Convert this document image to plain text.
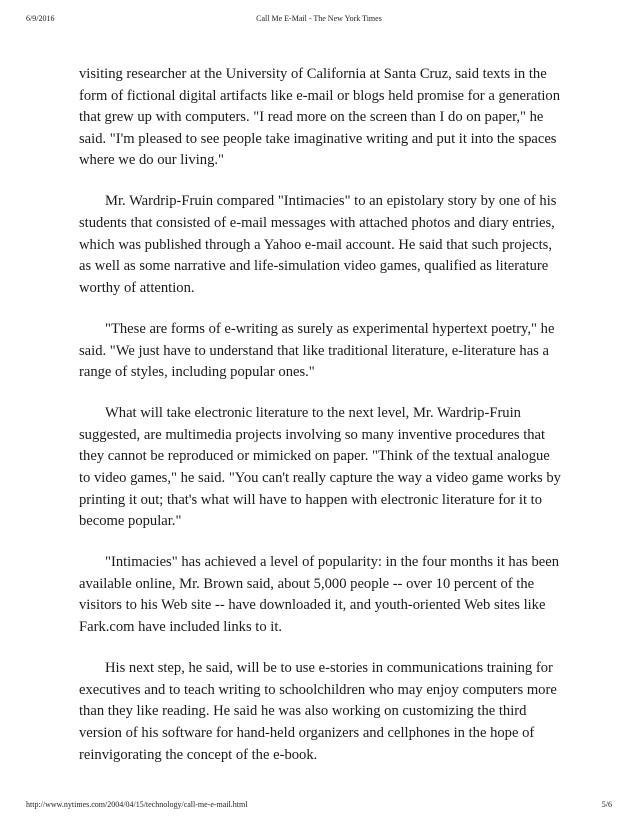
6/9/2016	Call Me E-Mail - The New York Times

visiting researcher at the University of California at Santa Cruz, said texts in the form of fictional digital artifacts like e-mail or blogs held promise for a generation that grew up with computers. "I read more on the screen than I do on paper," he said. "I'm pleased to see people take imaginative writing and put it into the spaces where we do our living."

Mr. Wardrip-Fruin compared "Intimacies" to an epistolary story by one of his students that consisted of e-mail messages with attached photos and diary entries, which was published through a Yahoo e-mail account. He said that such projects, as well as some narrative and life-simulation video games, qualified as literature worthy of attention.

"These are forms of e-writing as surely as experimental hypertext poetry," he said. "We just have to understand that like traditional literature, e-literature has a range of styles, including popular ones."

What will take electronic literature to the next level, Mr. Wardrip-Fruin suggested, are multimedia projects involving so many inventive procedures that they cannot be reproduced or mimicked on paper. "Think of the textual analogue to video games," he said. "You can't really capture the way a video game works by printing it out; that's what will have to happen with electronic literature for it to become popular."

"Intimacies" has achieved a level of popularity: in the four months it has been available online, Mr. Brown said, about 5,000 people -- over 10 percent of the visitors to his Web site -- have downloaded it, and youth-oriented Web sites like Fark.com have included links to it.

His next step, he said, will be to use e-stories in communications training for executives and to teach writing to schoolchildren who may enjoy computers more than they like reading. He said he was also working on customizing the third version of his software for hand-held organizers and cellphones in the hope of reinvigorating the concept of the e-book.

http://www.nytimes.com/2004/04/15/technology/call-me-e-mail.html	5/6
